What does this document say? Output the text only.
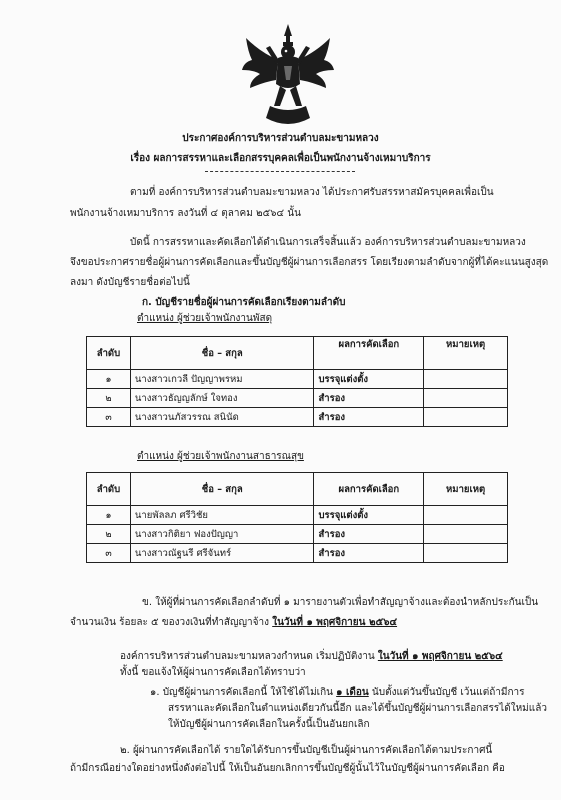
ประกาศองค์การบริหารส่วนตำบลมะขามหลวง
เรื่อง ผลการสรรหาและเลือกสรรบุคคลเพื่อเป็นพนักงานจ้างเหมาบริการ
ตามที่ องค์การบริหารส่วนตำบลมะขามหลวง ได้ประกาศรับสรรหาสมัครบุคคลเพื่อเป็น
พนักงานจ้างเหมาบริการ ลงวันที่ ๔ ตุลาคม ๒๕๖๔ นั้น
บัดนี้ การสรรหาและคัดเลือกได้ดำเนินการเสร็จสิ้นแล้ว องค์การบริหารส่วนตำบลมะขามหลวง
จึงขอประกาศรายชื่อผู้ผ่านการคัดเลือกและขึ้นบัญชีผู้ผ่านการเลือกสรร โดยเรียงตามลำดับจากผู้ที่ได้คะแนนสูงสุด
ลงมา ดังบัญชีรายชื่อต่อไปนี้
ก. บัญชีรายชื่อผู้ผ่านการคัดเลือกเรียงตามลำดับ
ตำแหน่ง ผู้ช่วยเจ้าพนักงานพัสดุ
ลำดับ	ชื่อ – สกุล	ผลการคัดเลือก	หมายเหตุ
๑	นางสาวเกวลี ปัญญาพรหม	บรรจุแต่งตั้ง	
๒	นางสาวธัญญลักษ์ ใจทอง	สำรอง	
๓	นางสาวนภัสวรรณ สนินัด	สำรอง	
ตำแหน่ง ผู้ช่วยเจ้าพนักงานสาธารณสุข
ลำดับ	ชื่อ – สกุล	ผลการคัดเลือก	หมายเหตุ
๑	นายพัลลภ ศรีวิชัย	บรรจุแต่งตั้ง	
๒	นางสาวกิติยา ฟองปัญญา	สำรอง	
๓	นางสาวณัฐนรี ศรีจันทร์	สำรอง	
ข. ให้ผู้ที่ผ่านการคัดเลือกลำดับที่ ๑ มารายงานตัวเพื่อทำสัญญาจ้างและต้องนำหลักประกันเป็น
จำนวนเงิน ร้อยละ ๕ ของวงเงินที่ทำสัญญาจ้าง ในวันที่ ๑ พฤศจิกายน ๒๕๖๔
องค์การบริหารส่วนตำบลมะขามหลวงกำหนด เริ่มปฏิบัติงาน ในวันที่ ๑ พฤศจิกายน ๒๕๖๔
ทั้งนี้ ขอแจ้งให้ผู้ผ่านการคัดเลือกได้ทราบว่า
๑. บัญชีผู้ผ่านการคัดเลือกนี้ ให้ใช้ได้ไม่เกิน ๑ เดือน นับตั้งแต่วันขึ้นบัญชี เว้นแต่ถ้ามีการ
สรรหาและคัดเลือกในตำแหน่งเดียวกันนี้อีก และได้ขึ้นบัญชีผู้ผ่านการเลือกสรรได้ใหม่แล้ว
ให้บัญชีผู้ผ่านการคัดเลือกในครั้งนี้เป็นอันยกเลิก
๒. ผู้ผ่านการคัดเลือกได้ รายใดได้รับการขึ้นบัญชีเป็นผู้ผ่านการคัดเลือกได้ตามประกาศนี้
ถ้ามีกรณีอย่างใดอย่างหนึ่งดังต่อไปนี้ ให้เป็นอันยกเลิกการขึ้นบัญชีผู้นั้นไว้ในบัญชีผู้ผ่านการคัดเลือก คือ
